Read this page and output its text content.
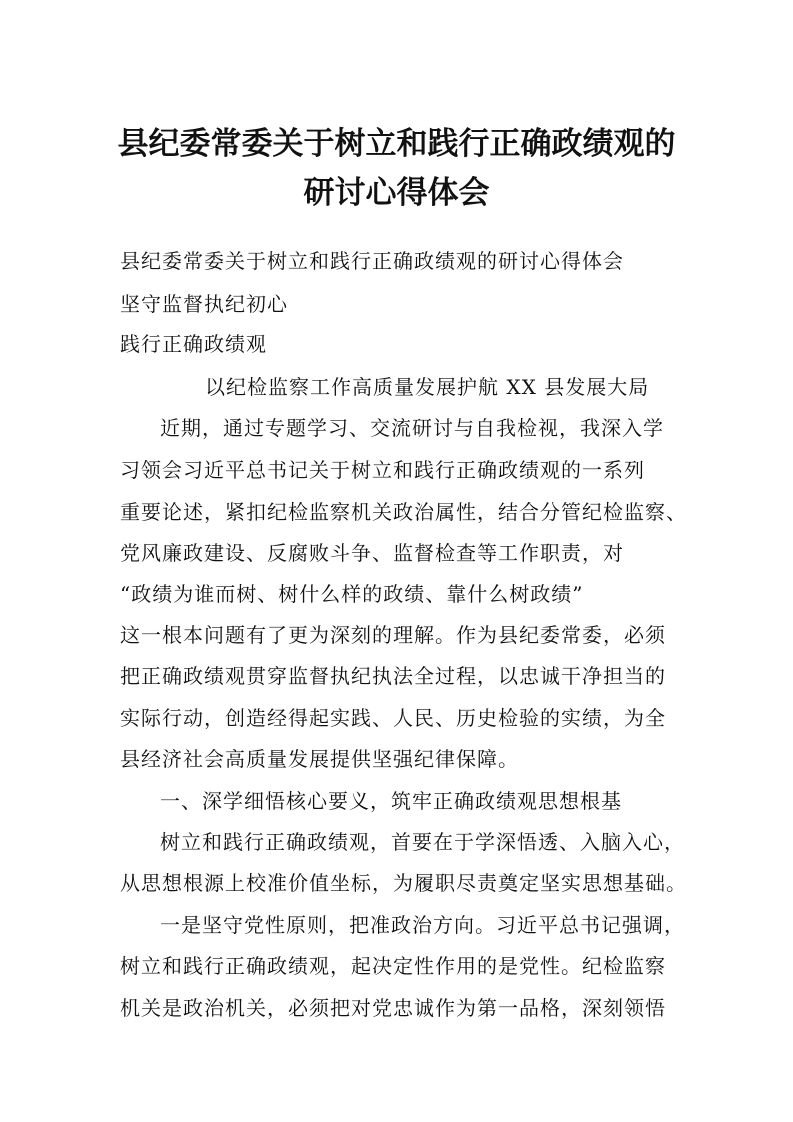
县纪委常委关于树立和践行正确政绩观的
研讨心得体会
县纪委常委关于树立和践行正确政绩观的研讨心得体会
坚守监督执纪初心
践行正确政绩观
以纪检监察工作高质量发展护航 XX 县发展大局
近期，通过专题学习、交流研讨与自我检视，我深入学
习领会习近平总书记关于树立和践行正确政绩观的一系列
重要论述，紧扣纪检监察机关政治属性，结合分管纪检监察、
党风廉政建设、反腐败斗争、监督检查等工作职责，对
“政绩为谁而树、树什么样的政绩、靠什么树政绩”
这一根本问题有了更为深刻的理解。作为县纪委常委，必须
把正确政绩观贯穿监督执纪执法全过程，以忠诚干净担当的
实际行动，创造经得起实践、人民、历史检验的实绩，为全
县经济社会高质量发展提供坚强纪律保障。
一、深学细悟核心要义，筑牢正确政绩观思想根基
树立和践行正确政绩观，首要在于学深悟透、入脑入心，
从思想根源上校准价值坐标，为履职尽责奠定坚实思想基础。
一是坚守党性原则，把准政治方向。习近平总书记强调，
树立和践行正确政绩观，起决定性作用的是党性。纪检监察
机关是政治机关，必须把对党忠诚作为第一品格，深刻领悟
